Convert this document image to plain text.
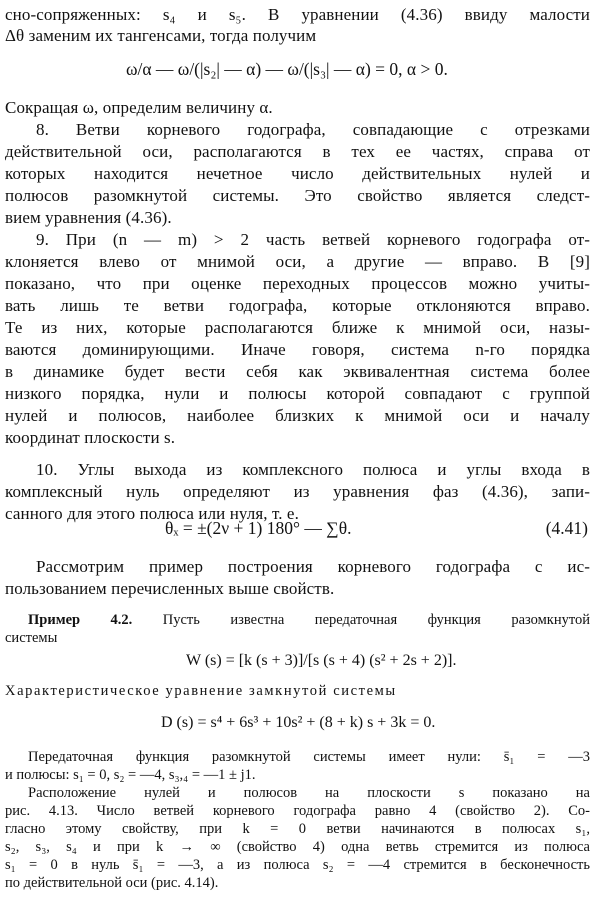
сно-сопряженных: s₄ и s₅. В уравнении (4.36) ввиду малости
Δθ заменим их тангенсами, тогда получим
ω/α — ω/(|s₂| — α) — ω/(|s₃| — α) = 0, α > 0.
Сокращая ω, определим величину α.
8. Ветви корневого годографа, совпадающие с отрезками
действительной оси, располагаются в тех ее частях, справа от
которых находится нечетное число действительных нулей и
полюсов разомкнутой системы. Это свойство является следст-
вием уравнения (4.36).
9. При (n — m) > 2 часть ветвей корневого годографа от-
клоняется влево от мнимой оси, а другие — вправо. В [9]
показано, что при оценке переходных процессов можно учиты-
вать лишь те ветви годографа, которые отклоняются вправо.
Те из них, которые располагаются ближе к мнимой оси, назы-
ваются доминирующими. Иначе говоря, система n-го порядка
в динамике будет вести себя как эквивалентная система более
низкого порядка, нули и полюсы которой совпадают с группой
нулей и полюсов, наиболее близких к мнимой оси и началу
координат плоскости s.
10. Углы выхода из комплексного полюса и углы входа в
комплексный нуль определяют из уравнения фаз (4.36), запи-
санного для этого полюса или нуля, т. е.
θₓ = ±(2ν + 1) 180° — ∑θ.	(4.41)
Рассмотрим пример построения корневого годографа с ис-
пользованием перечисленных выше свойств.
Пример 4.2. Пусть известна передаточная функция разомкнутой
системы
W (s) = [k (s + 3)]/[s (s + 4) (s² + 2s + 2)].
Характеристическое уравнение замкнутой системы
D (s) = s⁴ + 6s³ + 10s² + (8 + k) s + 3k = 0.
Передаточная функция разомкнутой системы имеет нули: s̄₁ = —3
и полюсы: s₁ = 0, s₂ = —4, s₃,₄ = —1 ± j1.
Расположение нулей и полюсов на плоскости s показано на
рис. 4.13. Число ветвей корневого годографа равно 4 (свойство 2). Со-
гласно этому свойству, при k = 0 ветви начинаются в полюсах s₁,
s₂, s₃, s₄ и при k → ∞ (свойство 4) одна ветвь стремится из полюса
s₁ = 0 в нуль s̄₁ = —3, а из полюса s₂ = —4 стремится в бесконечность
по действительной оси (рис. 4.14).
